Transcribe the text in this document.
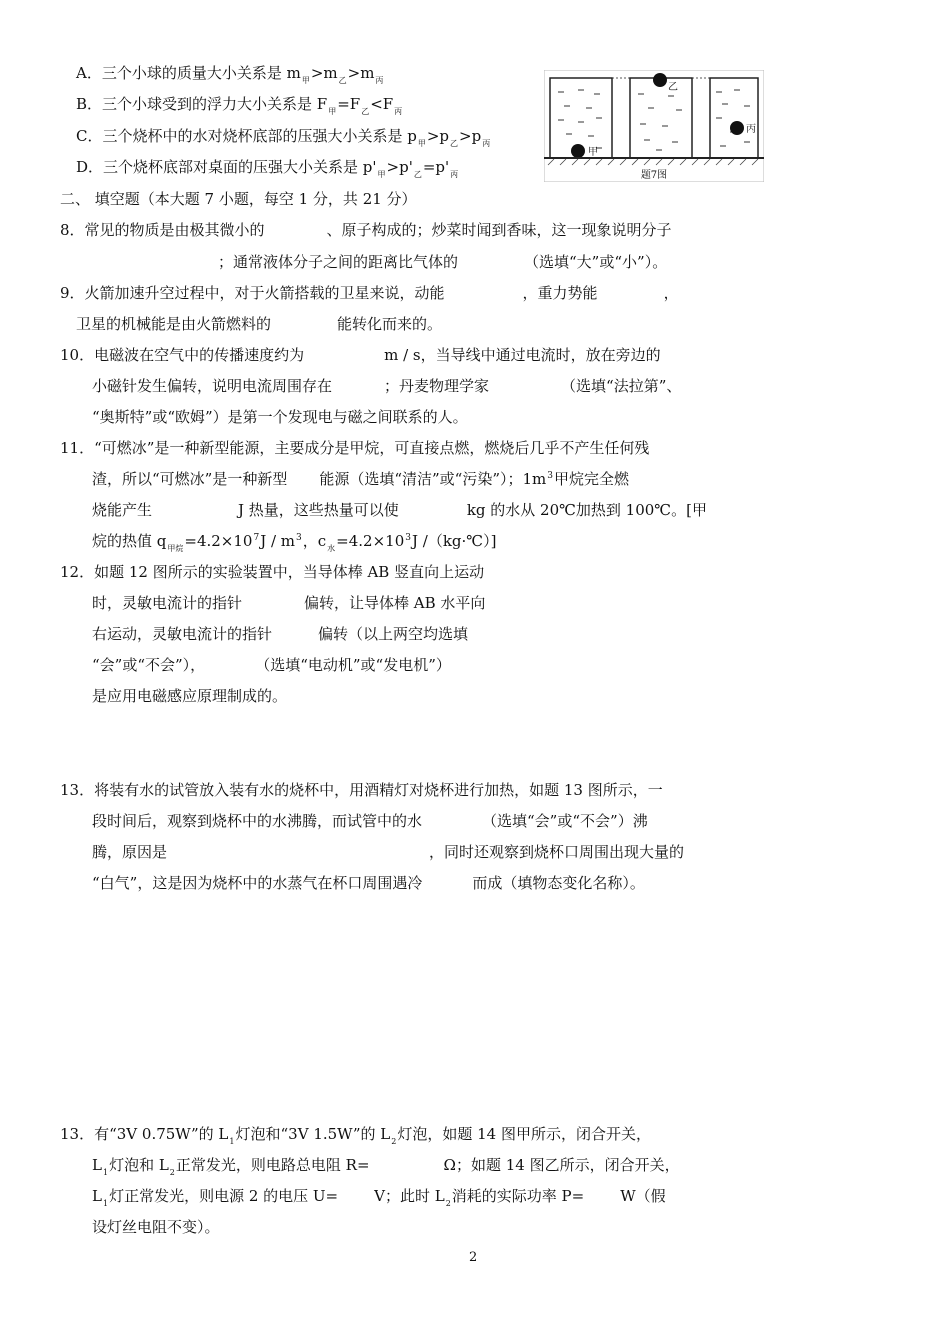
A．三个小球的质量大小关系是 $m_甲>m_乙>m_丙$
B．三个小球受到的浮力大小关系是 $F_甲=F_乙<F_丙$
C．三个烧杯中的水对烧杯底部的压强大小关系是 $p_甲>p_乙>p_丙$
D．三个烧杯底部对桌面的压强大小关系是 $p'_甲>p'_乙=p'_丙$
甲
乙
丙
题7图
二、 填空题（本大题 7 小题，每空 1 分，共 21 分）
8．常见的物质是由极其微小的	、原子构成的；炒菜时闻到香味，这一现象说明分子
；通常液体分子之间的距离比气体的	（选填“大”或“小”）。
9．火箭加速升空过程中，对于火箭搭载的卫星来说，动能	，重力势能	，
卫星的机械能是由火箭燃料的	能转化而来的。
10．电磁波在空气中的传播速度约为	m / s，当导线中通过电流时，放在旁边的
小磁针发生偏转，说明电流周围存在	；丹麦物理学家	（选填“法拉第”、
“奥斯特”或“欧姆”）是第一个发现电与磁之间联系的人。
11．“可燃冰”是一种新型能源，主要成分是甲烷，可直接点燃，燃烧后几乎不产生任何残
渣，所以“可燃冰”是一种新型 能源（选填“清洁”或“污染”）；$1m^3$甲烷完全燃
烧能产生	J 热量，这些热量可以使	kg 的水从 20℃加热到 100℃。[甲
烷的热值 $q_{甲烷}=4.2\times 10^7J / m^3$，$c_水=4.2\times 10^3J$ /（kg·℃）]
12．如题 12 图所示的实验装置中，当导体棒 AB 竖直向上运动
时，灵敏电流计的指针	偏转，让导体棒 AB 水平向
右运动，灵敏电流计的指针	偏转（以上两空均选填
“会”或“不会”），	（选填“电动机”或“发电机”）
是应用电磁感应原理制成的。
13．将装有水的试管放入装有水的烧杯中，用酒精灯对烧杯进行加热，如题 13 图所示，一
段时间后，观察到烧杯中的水沸腾，而试管中的水	（选填“会”或“不会”）沸
腾，原因是	，同时还观察到烧杯口周围出现大量的
“白气”，这是因为烧杯中的水蒸气在杯口周围遇冷	而成（填物态变化名称）。
13．有“3V 0.75W”的 $L_1$灯泡和“3V 1.5W”的 $L_2$灯泡，如题 14 图甲所示，闭合开关，
$L_1$灯泡和 $L_2$正常发光，则电路总电阻 R=	Ω；如题 14 图乙所示，闭合开关，
$L_1$灯正常发光，则电源 2 的电压 U= V；此时 $L_2$消耗的实际功率 P= W（假
设灯丝电阻不变）。
2
